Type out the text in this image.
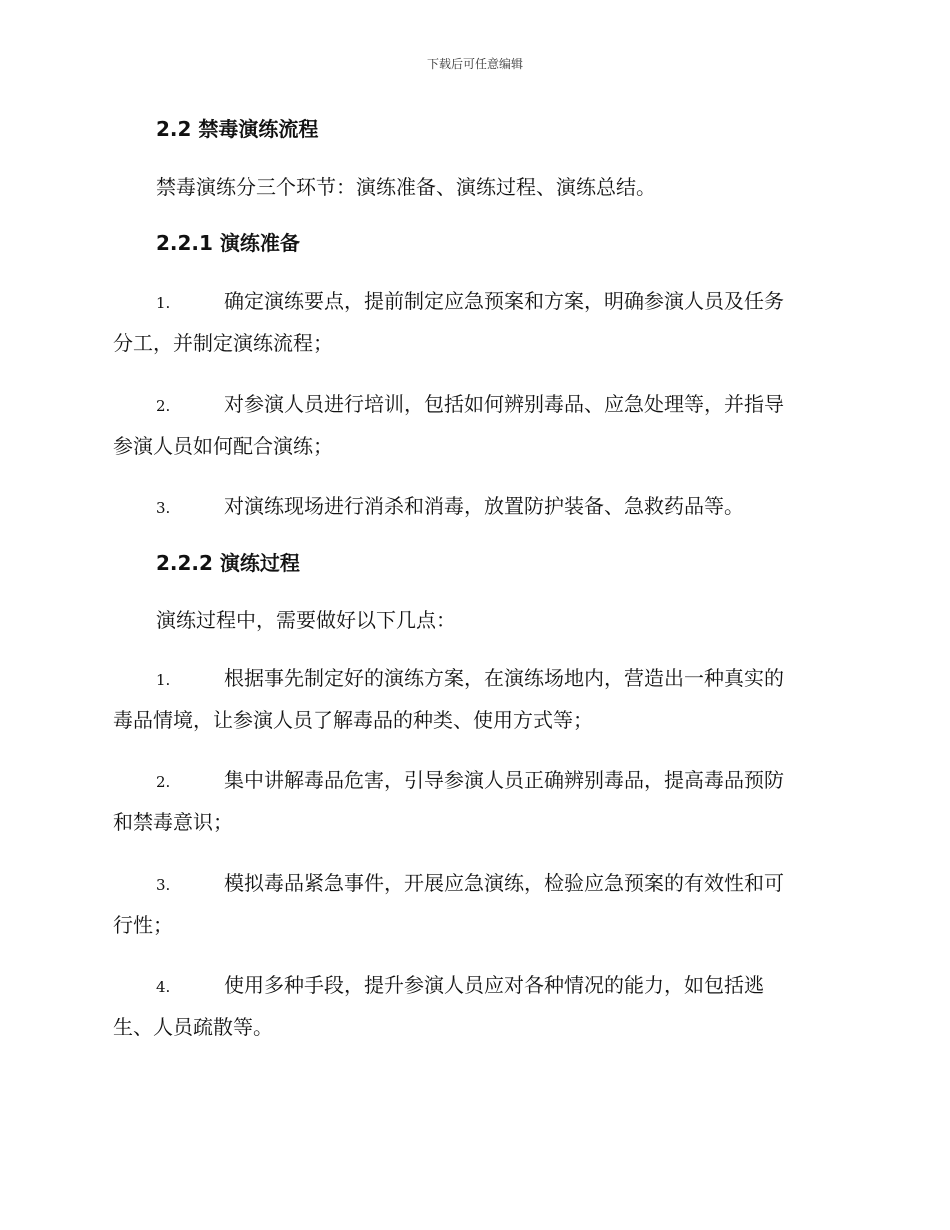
下载后可任意编辑
2.2 禁毒演练流程
禁毒演练分三个环节：演练准备、演练过程、演练总结。
2.2.1 演练准备
1.	确定演练要点，提前制定应急预案和方案，明确参演人员及任务
分工，并制定演练流程；
2.	对参演人员进行培训，包括如何辨别毒品、应急处理等，并指导
参演人员如何配合演练；
3.	对演练现场进行消杀和消毒，放置防护装备、急救药品等。
2.2.2 演练过程
演练过程中，需要做好以下几点：
1.	根据事先制定好的演练方案，在演练场地内，营造出一种真实的
毒品情境，让参演人员了解毒品的种类、使用方式等；
2.	集中讲解毒品危害，引导参演人员正确辨别毒品，提高毒品预防
和禁毒意识；
3.	模拟毒品紧急事件，开展应急演练，检验应急预案的有效性和可
行性；
4.	使用多种手段，提升参演人员应对各种情况的能力，如包括逃
生、人员疏散等。
